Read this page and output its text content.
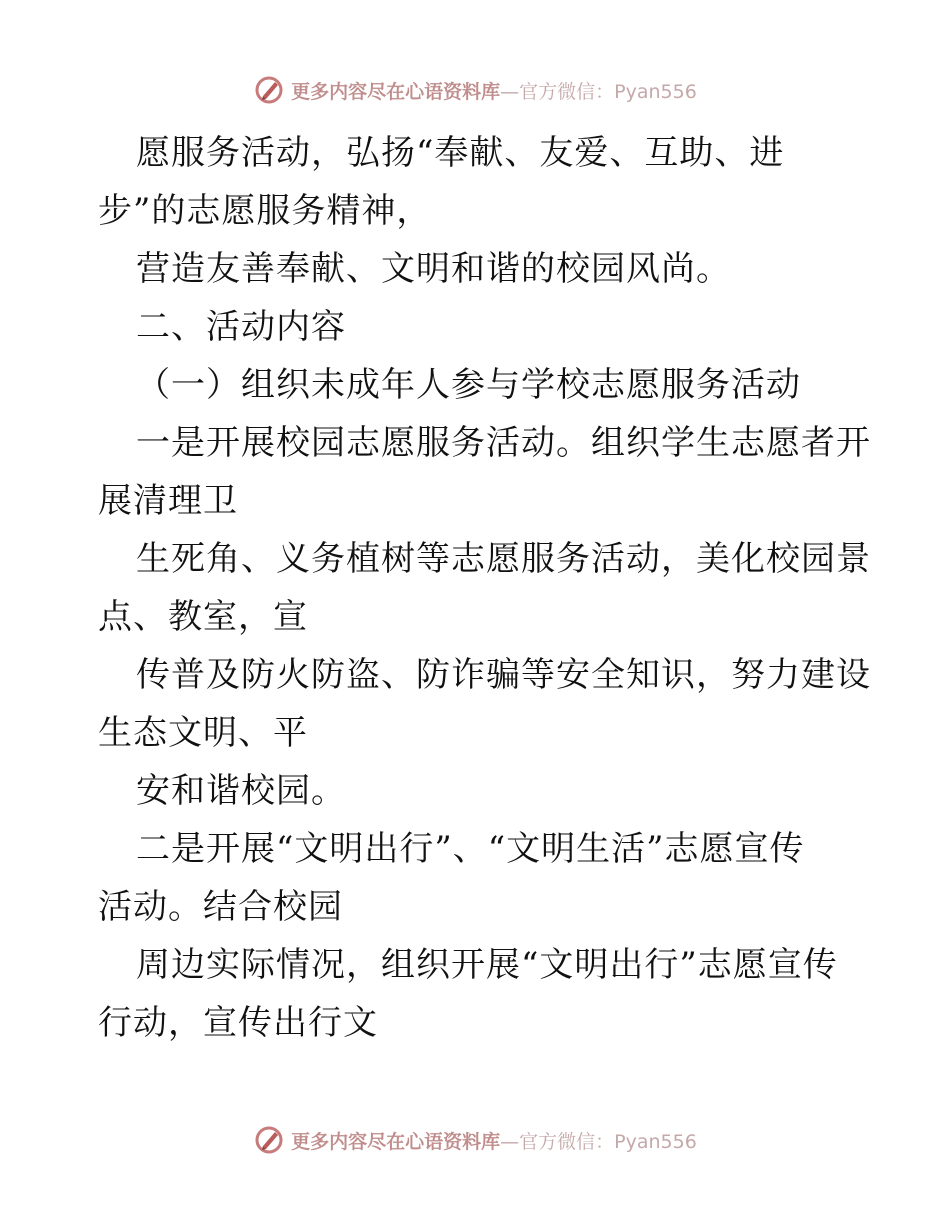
更多内容尽在心语资料库 —官方微信：Pyan556
愿服务活动，弘扬“奉献、友爱、互助、进
步”的志愿服务精神，
营造友善奉献、文明和谐的校园风尚。
二、活动内容
（一）组织未成年人参与学校志愿服务活动
一是开展校园志愿服务活动。组织学生志愿者开
展清理卫
生死角、义务植树等志愿服务活动，美化校园景
点、教室，宣
传普及防火防盗、防诈骗等安全知识，努力建设
生态文明、平
安和谐校园。
二是开展“文明出行”、“文明生活”志愿宣传
活动。结合校园
周边实际情况，组织开展“文明出行”志愿宣传
行动，宣传出行文
更多内容尽在心语资料库 —官方微信：Pyan556
